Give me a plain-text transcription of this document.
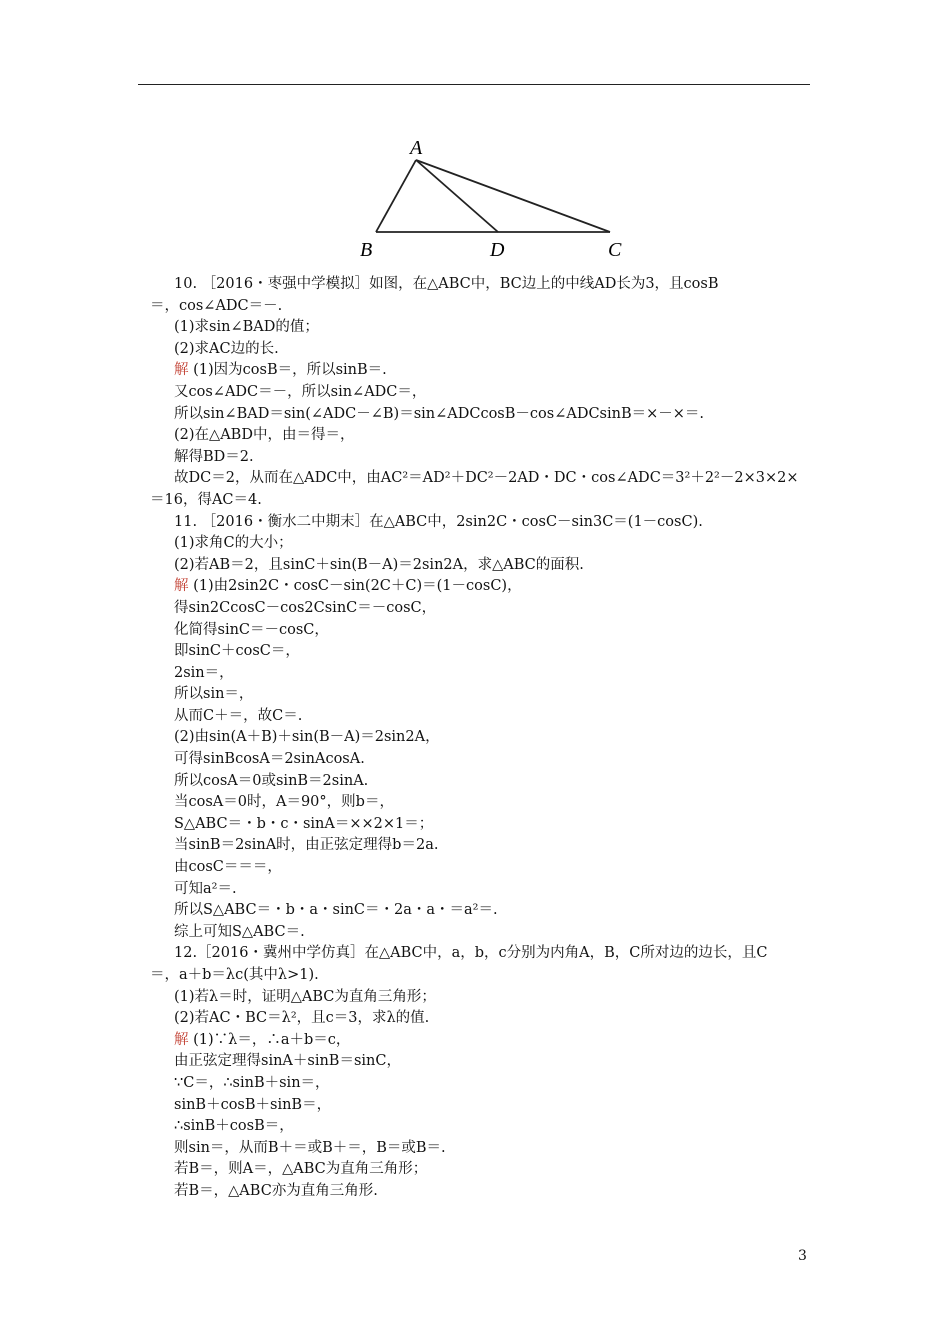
A
B	D	C
10. ［2016・枣强中学模拟］如图，在△ABC中，BC边上的中线AD长为3，且cosB
＝，cos∠ADC＝－.
(1)求sin∠BAD的值；
(2)求AC边的长.
解 (1)因为cosB＝，所以sinB＝.
又cos∠ADC＝－，所以sin∠ADC＝，
所以sin∠BAD＝sin(∠ADC－∠B)＝sin∠ADCcosB－cos∠ADCsinB＝×－×＝.
(2)在△ABD中，由＝得＝，
解得BD＝2.
故DC＝2，从而在△ADC中，由AC²＝AD²＋DC²－2AD・DC・cos∠ADC＝3²＋2²－2×3×2×
＝16，得AC＝4.
11. ［2016・衡水二中期末］在△ABC中，2sin2C・cosC－sin3C＝(1－cosC).
(1)求角C的大小；
(2)若AB＝2，且sinC＋sin(B－A)＝2sin2A，求△ABC的面积.
解 (1)由2sin2C・cosC－sin(2C＋C)＝(1－cosC)，
得sin2CcosC－cos2CsinC＝－cosC，
化简得sinC＝－cosC，
即sinC＋cosC＝，
2sin＝，
所以sin＝，
从而C＋＝，故C＝.
(2)由sin(A＋B)＋sin(B－A)＝2sin2A，
可得sinBcosA＝2sinAcosA.
所以cosA＝0或sinB＝2sinA.
当cosA＝0时，A＝90°，则b＝，
S△ABC＝・b・c・sinA＝××2×1＝；
当sinB＝2sinA时，由正弦定理得b＝2a.
由cosC＝＝＝，
可知a²＝.
所以S△ABC＝・b・a・sinC＝・2a・a・＝a²＝.
综上可知S△ABC＝.
12.［2016・冀州中学仿真］在△ABC中，a，b，c分别为内角A，B，C所对边的边长，且C
＝，a＋b＝λc(其中λ>1).
(1)若λ＝时，证明△ABC为直角三角形；
(2)若AC・BC＝λ²，且c＝3，求λ的值.
解 (1)∵λ＝，∴a＋b＝c，
由正弦定理得sinA＋sinB＝sinC，
∵C＝，∴sinB＋sin＝，
sinB＋cosB＋sinB＝，
∴sinB＋cosB＝，
则sin＝，从而B＋＝或B＋＝，B＝或B＝.
若B＝，则A＝，△ABC为直角三角形；
若B＝，△ABC亦为直角三角形.
3
